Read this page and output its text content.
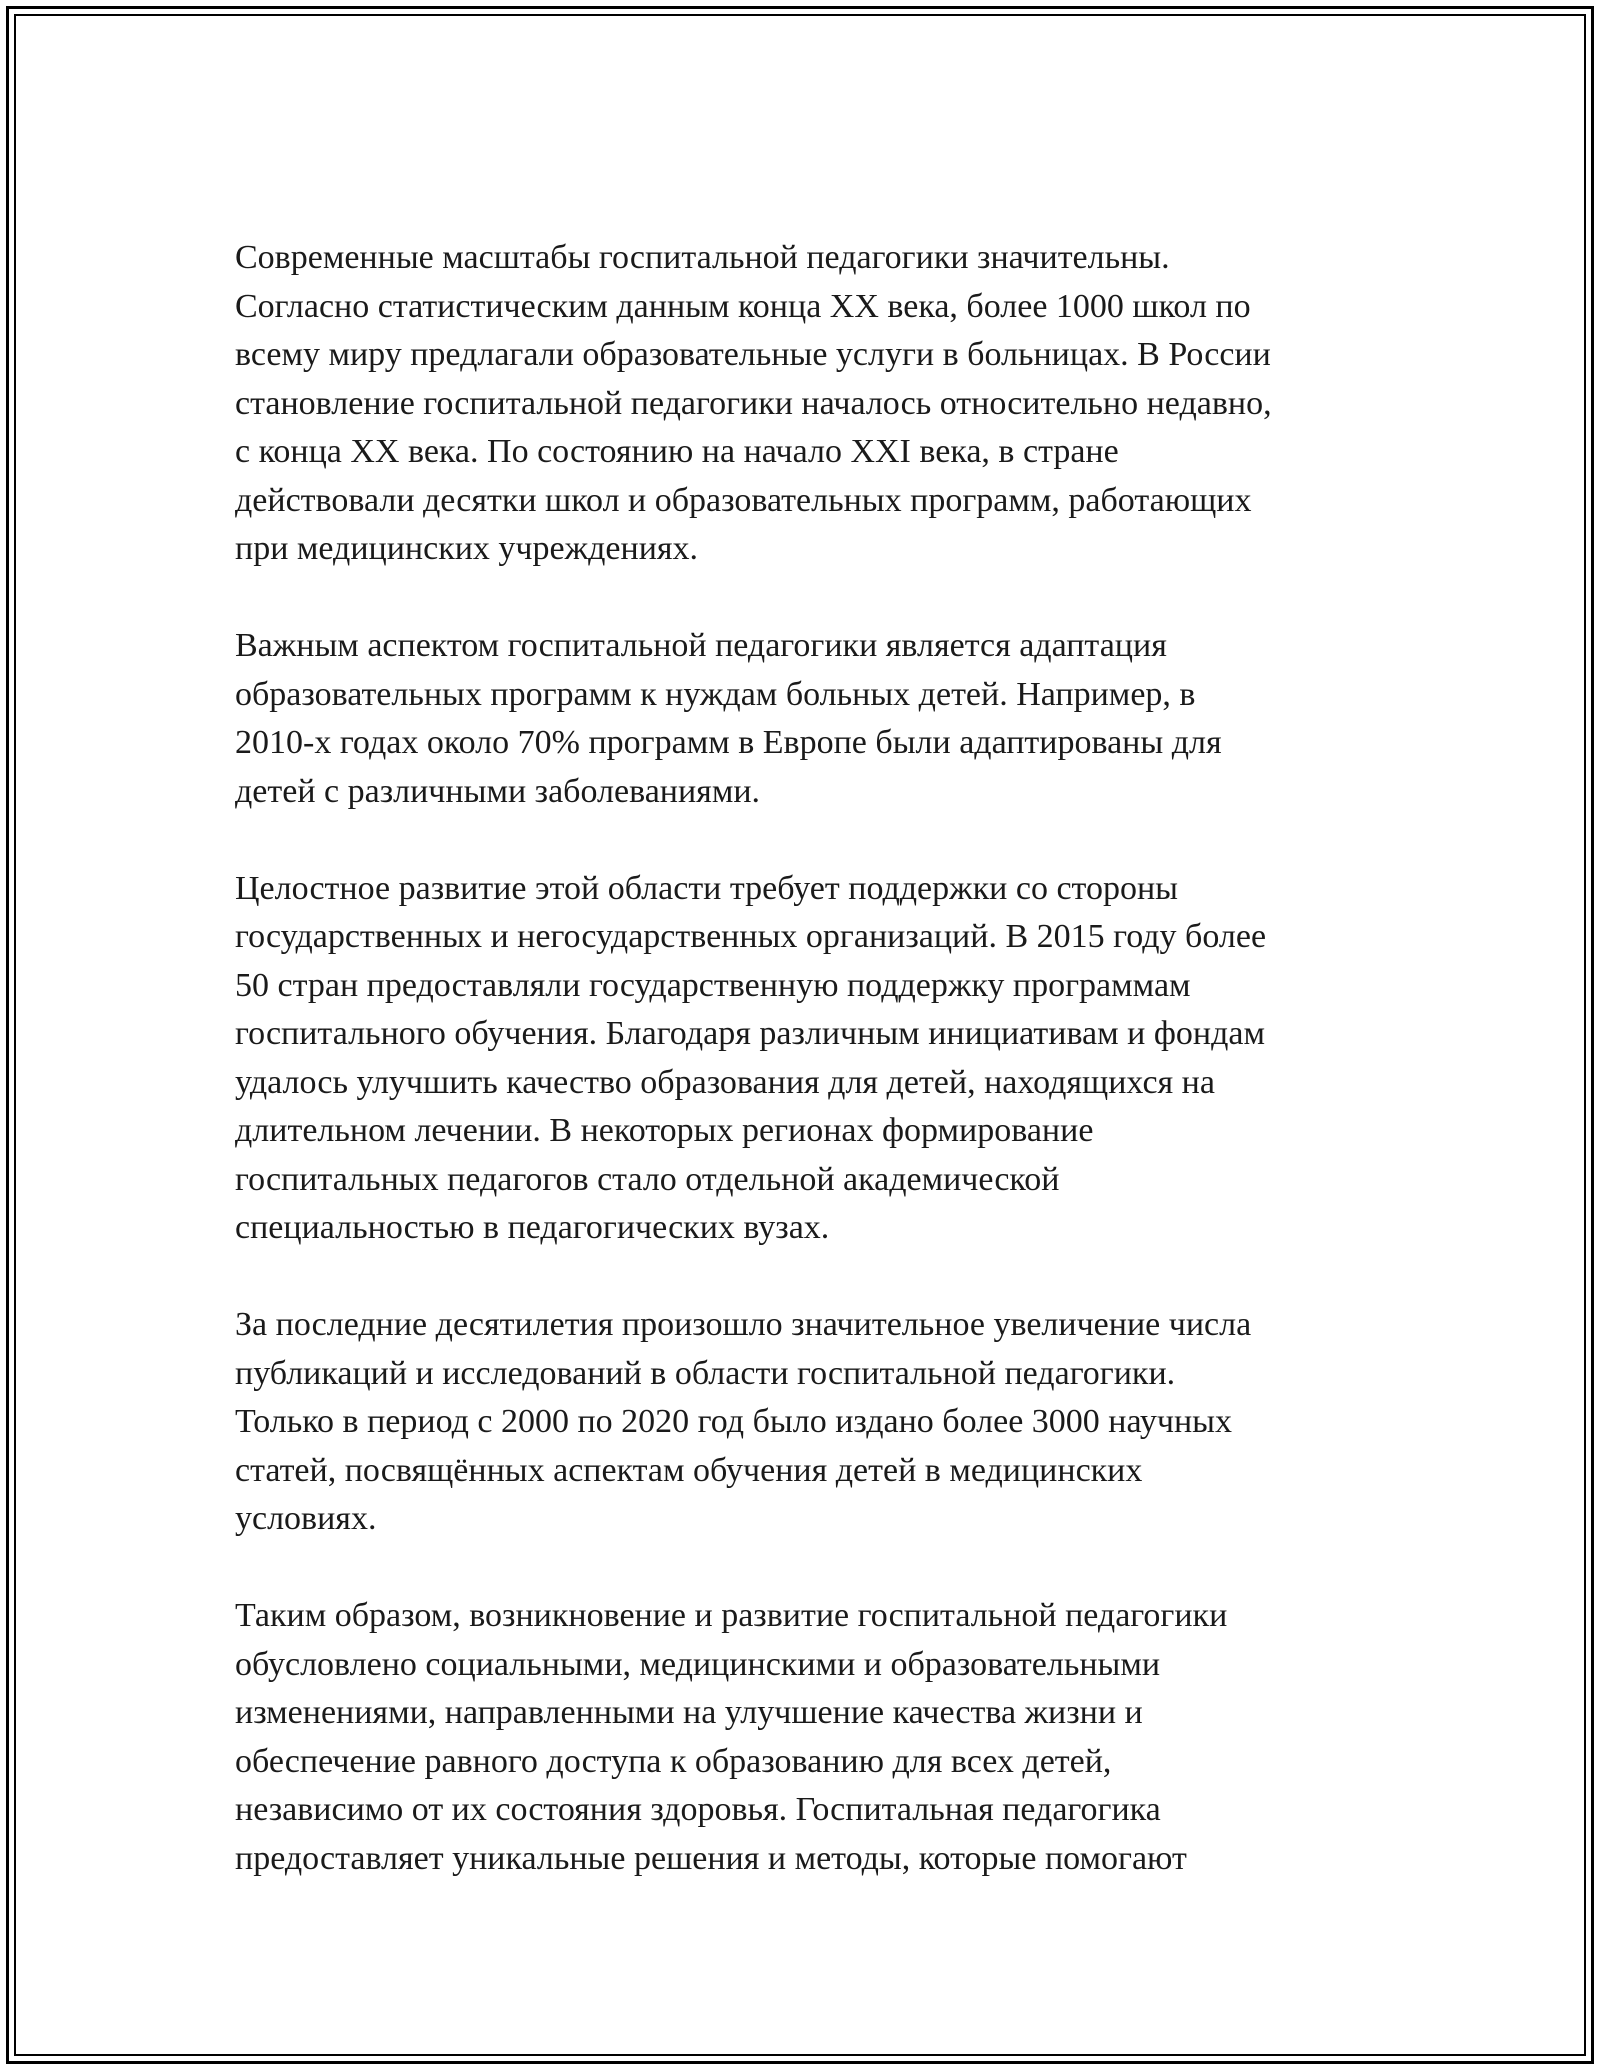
Современные масштабы госпитальной педагогики значительны.
Согласно статистическим данным конца XX века, более 1000 школ по
всему миру предлагали образовательные услуги в больницах. В России
становление госпитальной педагогики началось относительно недавно,
с конца XX века. По состоянию на начало XXI века, в стране
действовали десятки школ и образовательных программ, работающих
при медицинских учреждениях.

Важным аспектом госпитальной педагогики является адаптация
образовательных программ к нуждам больных детей. Например, в
2010-х годах около 70% программ в Европе были адаптированы для
детей с различными заболеваниями.

Целостное развитие этой области требует поддержки со стороны
государственных и негосударственных организаций. В 2015 году более
50 стран предоставляли государственную поддержку программам
госпитального обучения. Благодаря различным инициативам и фондам
удалось улучшить качество образования для детей, находящихся на
длительном лечении. В некоторых регионах формирование
госпитальных педагогов стало отдельной академической
специальностью в педагогических вузах.

За последние десятилетия произошло значительное увеличение числа
публикаций и исследований в области госпитальной педагогики.
Только в период с 2000 по 2020 год было издано более 3000 научных
статей, посвящённых аспектам обучения детей в медицинских
условиях.

Таким образом, возникновение и развитие госпитальной педагогики
обусловлено социальными, медицинскими и образовательными
изменениями, направленными на улучшение качества жизни и
обеспечение равного доступа к образованию для всех детей,
независимо от их состояния здоровья. Госпитальная педагогика
предоставляет уникальные решения и методы, которые помогают
